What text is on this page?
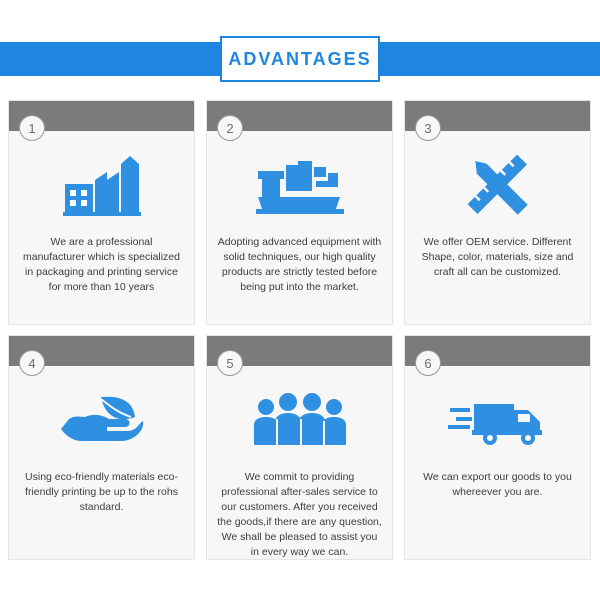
ADVANTAGES
1
We are a professional manufacturer which is specialized in packaging and printing service for more than 10 years
2
Adopting advanced equipment with solid techniques, our high quality products are strictly tested before being put into the market.
3
We offer OEM service. Different Shape, color, materials, size and craft all can be customized.
4
Using eco-friendly materials eco-friendly printing be up to the rohs standard.
5
We commit to providing professional after-sales service to our customers. After you received the goods,if there are any question, We shall be pleased to assist you in every way we can.
6
We can export our goods to you whereever you are.
